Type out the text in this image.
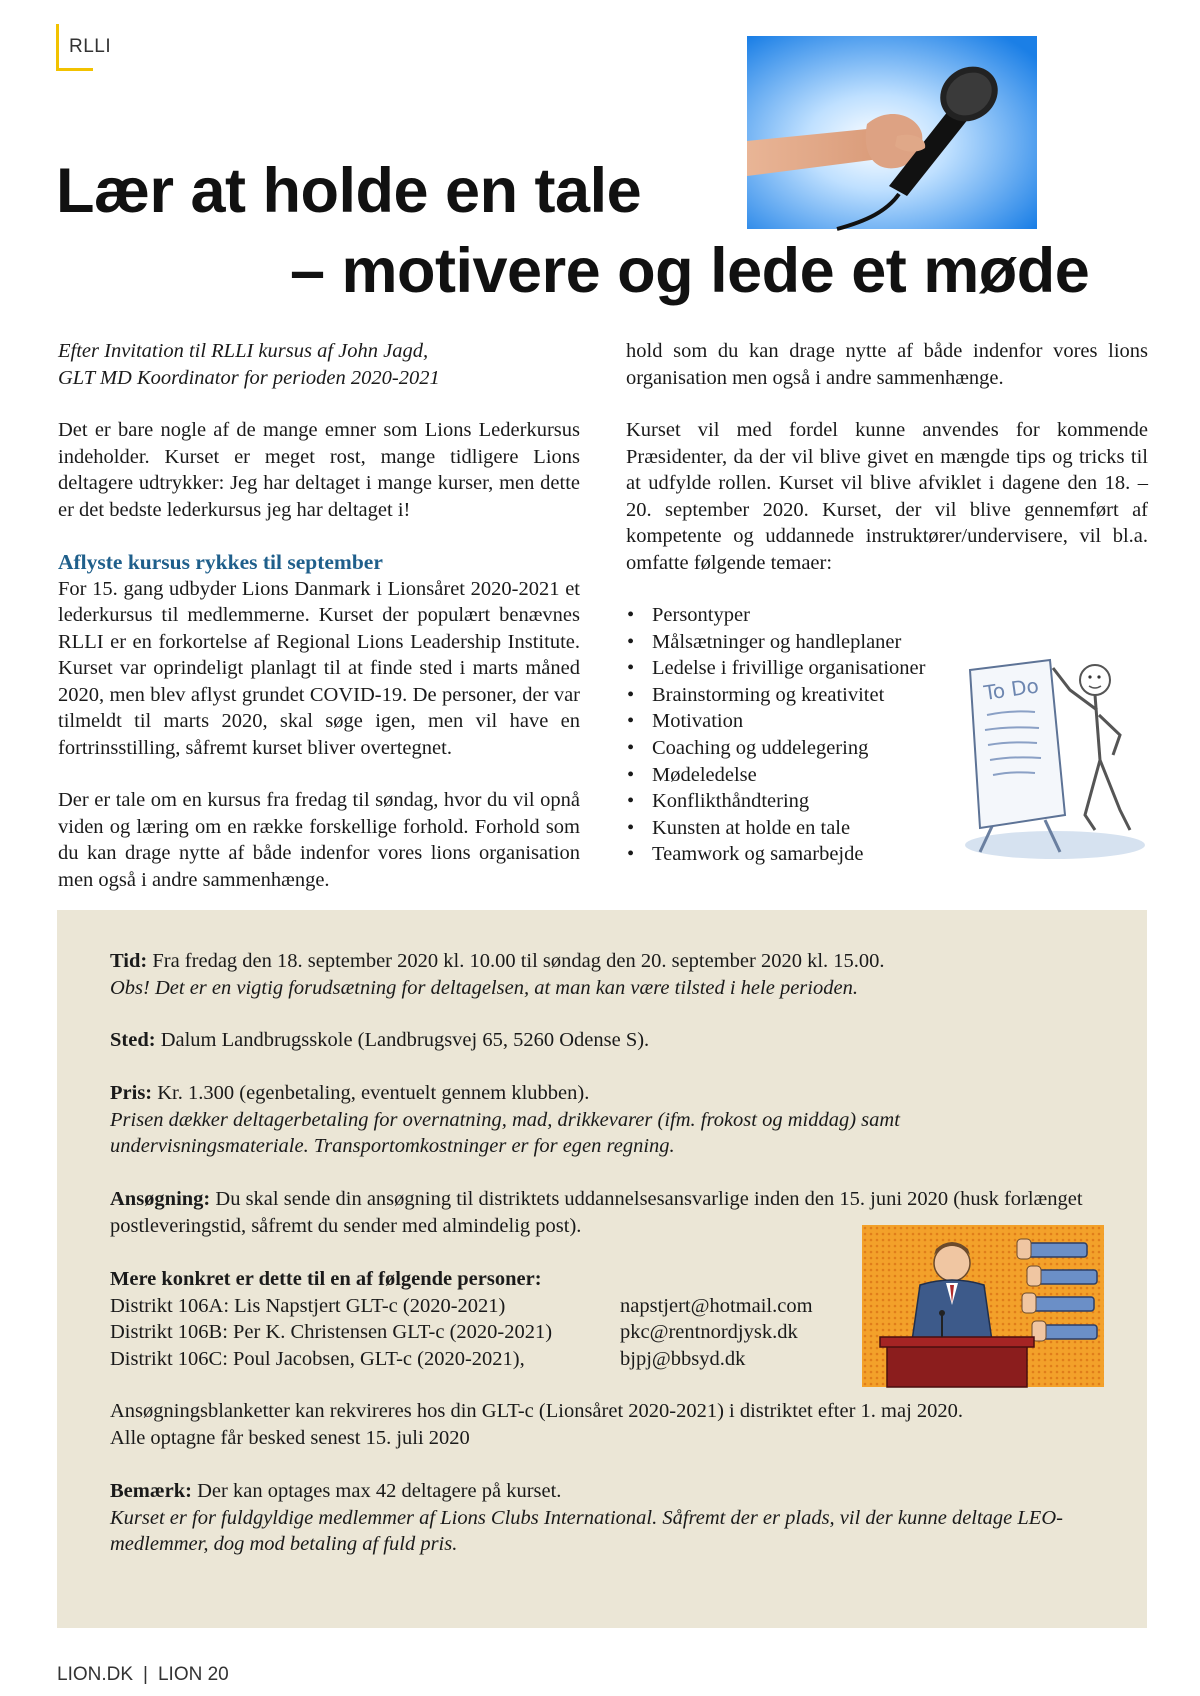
RLLI
Lær at holde en tale
– motivere og lede et møde

Efter Invitation til RLLI kursus af John Jagd,

GLT MD Koordinator for perioden 2020-2021

Det er bare nogle af de mange emner som Lions Lederkursus indeholder. Kurset er meget rost, mange tidligere Lions deltagere udtrykker: Jeg har deltaget i mange kurser, men dette er det bedste lederkursus jeg har deltaget i!

Aflyste kursus rykkes til september

For 15. gang udbyder Lions Danmark i Lionsåret 2020-2021 et lederkursus til medlemmerne. Kurset der populært benævnes RLLI er en forkortelse af Regional Lions Leadership Institute. Kurset var oprindeligt planlagt til at finde sted i marts måned 2020, men blev aflyst grundet COVID-19. De personer, der var tilmeldt til marts 2020, skal søge igen, men vil have en fortrinsstilling, såfremt kurset bliver overtegnet.

Der er tale om en kursus fra fredag til søndag, hvor du vil opnå viden og læring om en række forskellige forhold. Forhold som du kan drage nytte af både indenfor vores lions organisation men også i andre sammenhænge.

hold som du kan drage nytte af både indenfor vores lions organisation men også i andre sammenhænge.

Kurset vil med fordel kunne anvendes for kommende Præsidenter, da der vil blive givet en mængde tips og tricks til at udfylde rollen. Kurset vil blive afviklet i dagene den 18. – 20. september 2020. Kurset, der vil blive gennemført af kompetente og uddannede instruktører/undervisere, vil bl.a. omfatte følgende temaer:

• Persontyper
• Målsætninger og handleplaner
• Ledelse i frivillige organisationer
• Brainstorming og kreativitet
• Motivation
• Coaching og uddelegering
• Mødeledelse
• Konflikthåndtering
• Kunsten at holde en tale
• Teamwork og samarbejde
To Do

Tid: Fra fredag den 18. september 2020 kl. 10.00 til søndag den 20. september 2020 kl. 15.00.

Obs! Det er en vigtig forudsætning for deltagelsen, at man kan være tilsted i hele perioden.

Sted: Dalum Landbrugsskole (Landbrugsvej 65, 5260 Odense S).

Pris: Kr. 1.300 (egenbetaling, eventuelt gennem klubben).

Prisen dækker deltagerbetaling for overnatning, mad, drikkevarer (ifm. frokost og middag) samt undervisningsmateriale. Transportomkostninger er for egen regning.

Ansøgning: Du skal sende din ansøgning til distriktets uddannelsesansvarlige inden den 15. juni 2020 (husk forlænget postleveringstid, såfremt du sender med almindelig post).

Mere konkret er dette til en af følgende personer:

Distrikt 106A: Lis Napstjert GLT-c (2020-2021)	napstjert@hotmail.com
Distrikt 106B: Per K. Christensen GLT-c (2020-2021)	pkc@rentnordjysk.dk
Distrikt 106C: Poul Jacobsen, GLT-c (2020-2021),	bjpj@bbsyd.dk

Ansøgningsblanketter kan rekvireres hos din GLT-c (Lionsåret 2020-2021) i distriktet efter 1. maj 2020.

Alle optagne får besked senest 15. juli 2020

Bemærk: Der kan optages max 42 deltagere på kurset.

Kurset er for fuldgyldige medlemmer af Lions Clubs International. Såfremt der er plads, vil der kunne deltage LEO-medlemmer, dog mod betaling af fuld pris.

LION.DK | LION 20
